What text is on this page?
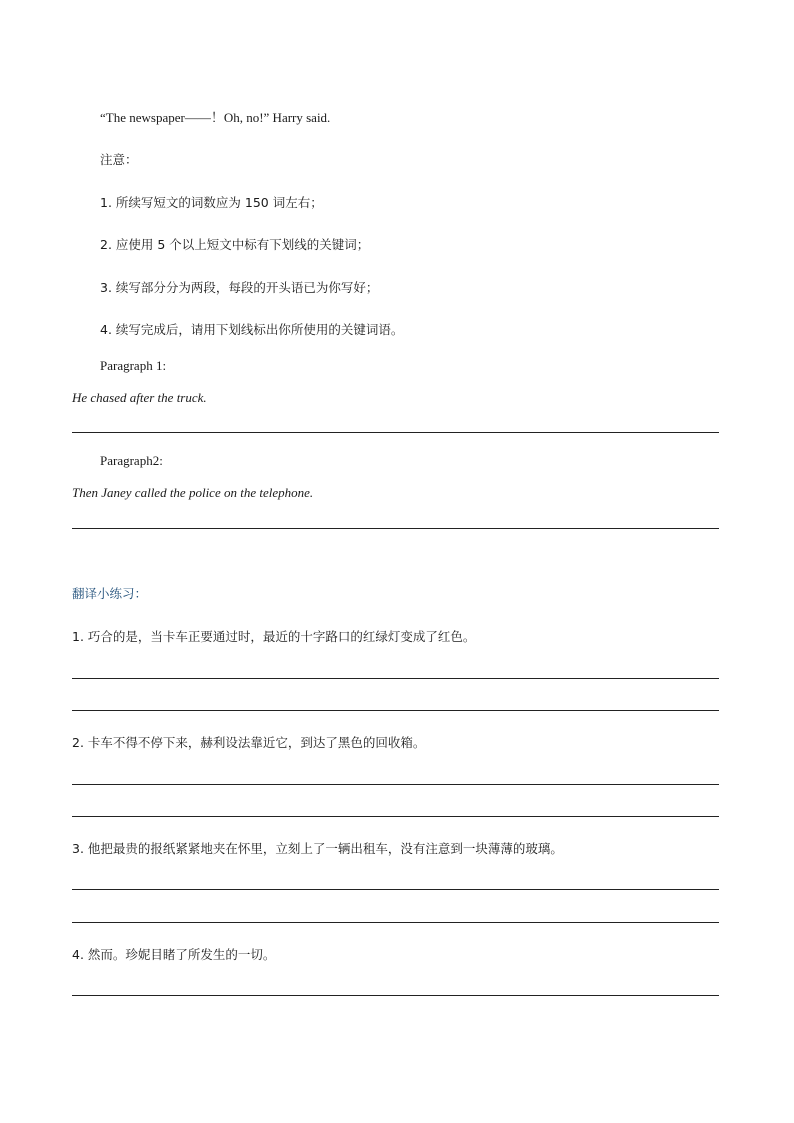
“The newspaper——！Oh, no!” Harry said.
注意：
1. 所续写短文的词数应为 150 词左右；
2. 应使用 5 个以上短文中标有下划线的关键词；
3. 续写部分分为两段，每段的开头语已为你写好；
4. 续写完成后，请用下划线标出你所使用的关键词语。
Paragraph 1:
He chased after the truck.
Paragraph2:
Then Janey called the police on the telephone.
翻译小练习：
1. 巧合的是，当卡车正要通过时，最近的十字路口的红绿灯变成了红色。
2. 卡车不得不停下来，赫利设法靠近它，到达了黑色的回收箱。
3. 他把最贵的报纸紧紧地夹在怀里，立刻上了一辆出租车，没有注意到一块薄薄的玻璃。
4. 然而。珍妮目睹了所发生的一切。
